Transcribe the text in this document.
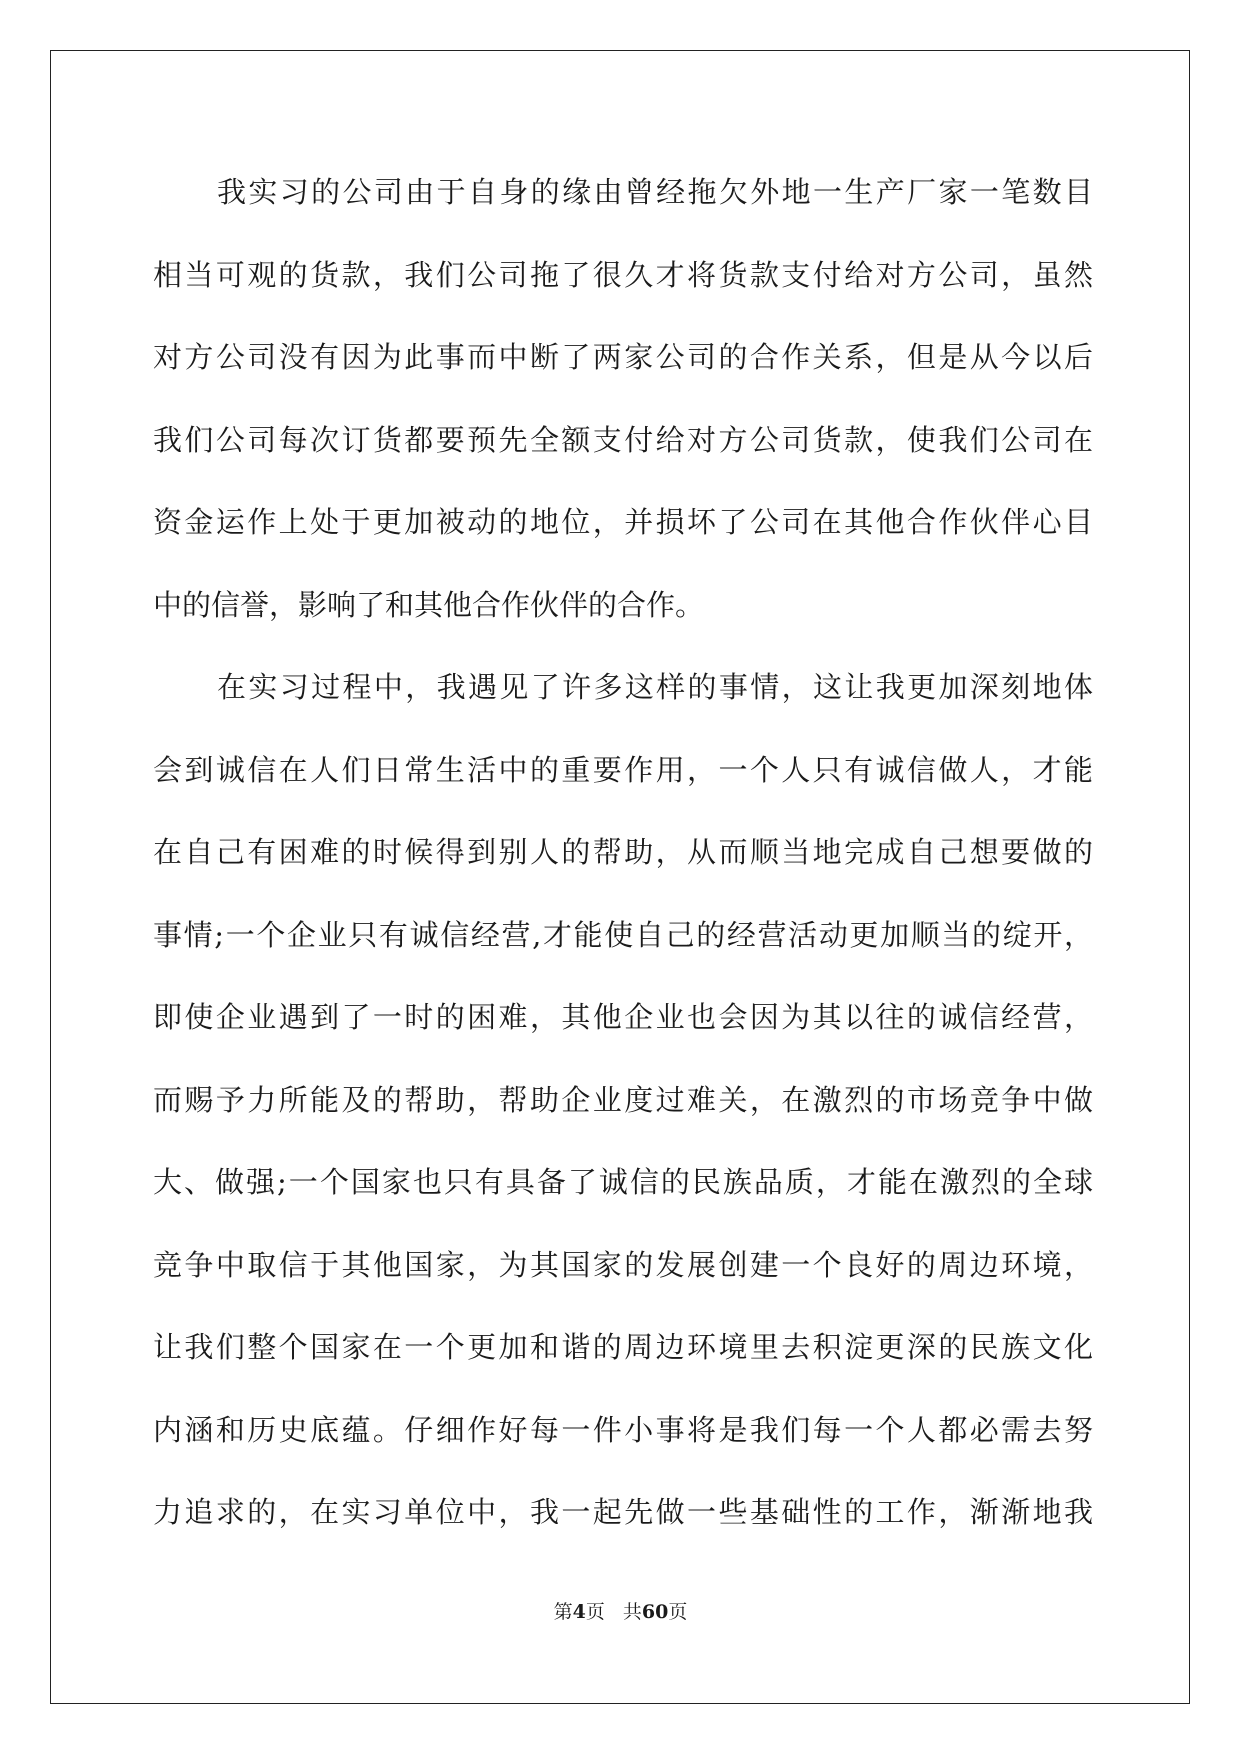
我实习的公司由于自身的缘由曾经拖欠外地一生产厂家一笔数目
相当可观的货款，我们公司拖了很久才将货款支付给对方公司，虽然
对方公司没有因为此事而中断了两家公司的合作关系，但是从今以后
我们公司每次订货都要预先全额支付给对方公司货款，使我们公司在
资金运作上处于更加被动的地位，并损坏了公司在其他合作伙伴心目
中的信誉，影响了和其他合作伙伴的合作。
在实习过程中，我遇见了许多这样的事情，这让我更加深刻地体
会到诚信在人们日常生活中的重要作用，一个人只有诚信做人，才能
在自己有困难的时候得到别人的帮助，从而顺当地完成自己想要做的
事情;一个企业只有诚信经营,才能使自己的经营活动更加顺当的绽开，
即使企业遇到了一时的困难，其他企业也会因为其以往的诚信经营，
而赐予力所能及的帮助，帮助企业度过难关，在激烈的市场竞争中做
大、做强;一个国家也只有具备了诚信的民族品质，才能在激烈的全球
竞争中取信于其他国家，为其国家的发展创建一个良好的周边环境，
让我们整个国家在一个更加和谐的周边环境里去积淀更深的民族文化
内涵和历史底蕴。仔细作好每一件小事将是我们每一个人都必需去努
力追求的，在实习单位中，我一起先做一些基础性的工作，渐渐地我
第4页 共60页
